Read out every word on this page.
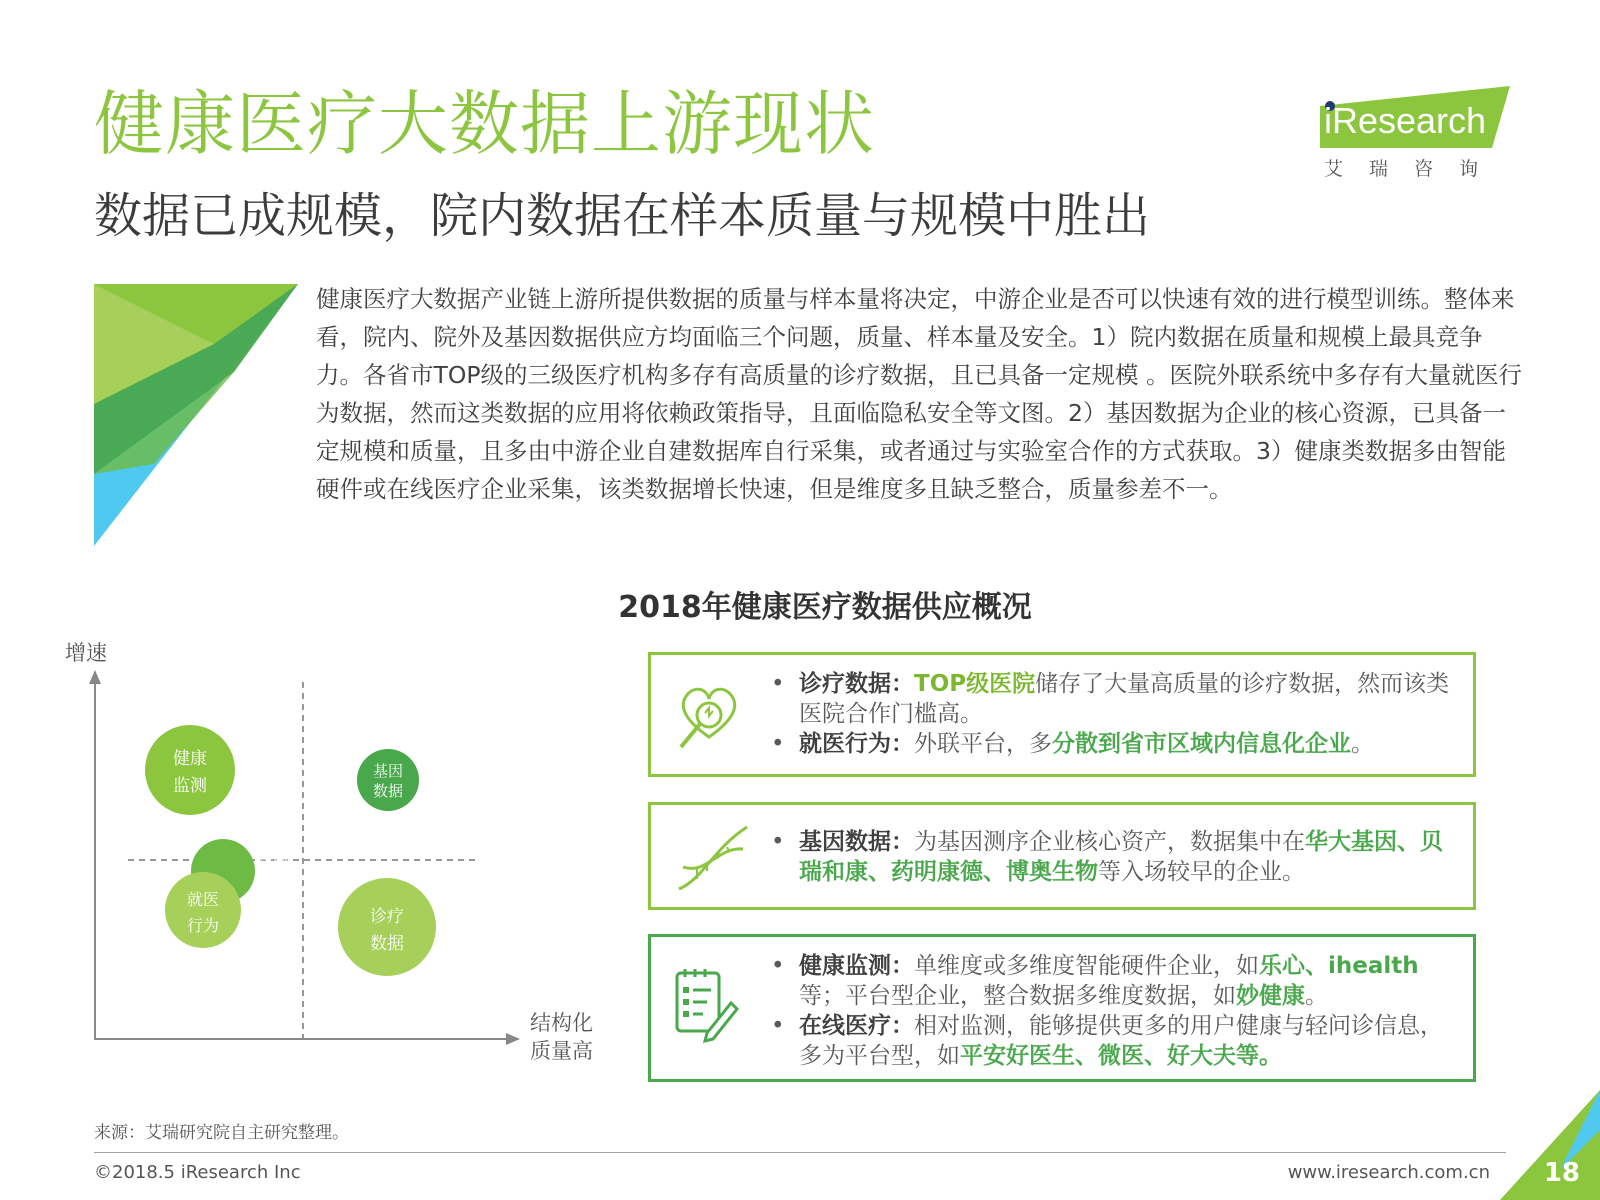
健康医疗大数据上游现状
数据已成规模，院内数据在样本质量与规模中胜出
iResearch
艾瑞咨询
健康医疗大数据产业链上游所提供数据的质量与样本量将决定，中游企业是否可以快速有效的进行模型训练。整体来看，院内、院外及基因数据供应方均面临三个问题，质量、样本量及安全。1）院内数据在质量和规模上最具竞争力。各省市TOP级的三级医疗机构多存有高质量的诊疗数据，且已具备一定规模 。医院外联系统中多存有大量就医行为数据，然而这类数据的应用将依赖政策指导，且面临隐私安全等文图。2）基因数据为企业的核心资源，已具备一定规模和质量，且多由中游企业自建数据库自行采集，或者通过与实验室合作的方式获取。3）健康类数据多由智能硬件或在线医疗企业采集，该类数据增长快速，但是维度多且缺乏整合，质量参差不一。
2018年健康医疗数据供应概况
增速
结构化
质量高
健康
监测
基因
数据
在线
医疗
就医
行为	诊疗
数据
• 诊疗数据：TOP级医院储存了大量高质量的诊疗数据，然而该类医院合作门槛高。
• 就医行为：外联平台，多分散到省市区域内信息化企业。
• 基因数据：为基因测序企业核心资产，数据集中在华大基因、贝瑞和康、药明康德、博奥生物等入场较早的企业。
• 健康监测：单维度或多维度智能硬件企业，如乐心、ihealth等；平台型企业，整合数据多维度数据，如妙健康。
• 在线医疗：相对监测，能够提供更多的用户健康与轻问诊信息，多为平台型，如平安好医生、微医、好大夫等。
来源：艾瑞研究院自主研究整理。
©2018.5 iResearch Inc	www.iresearch.com.cn 18
